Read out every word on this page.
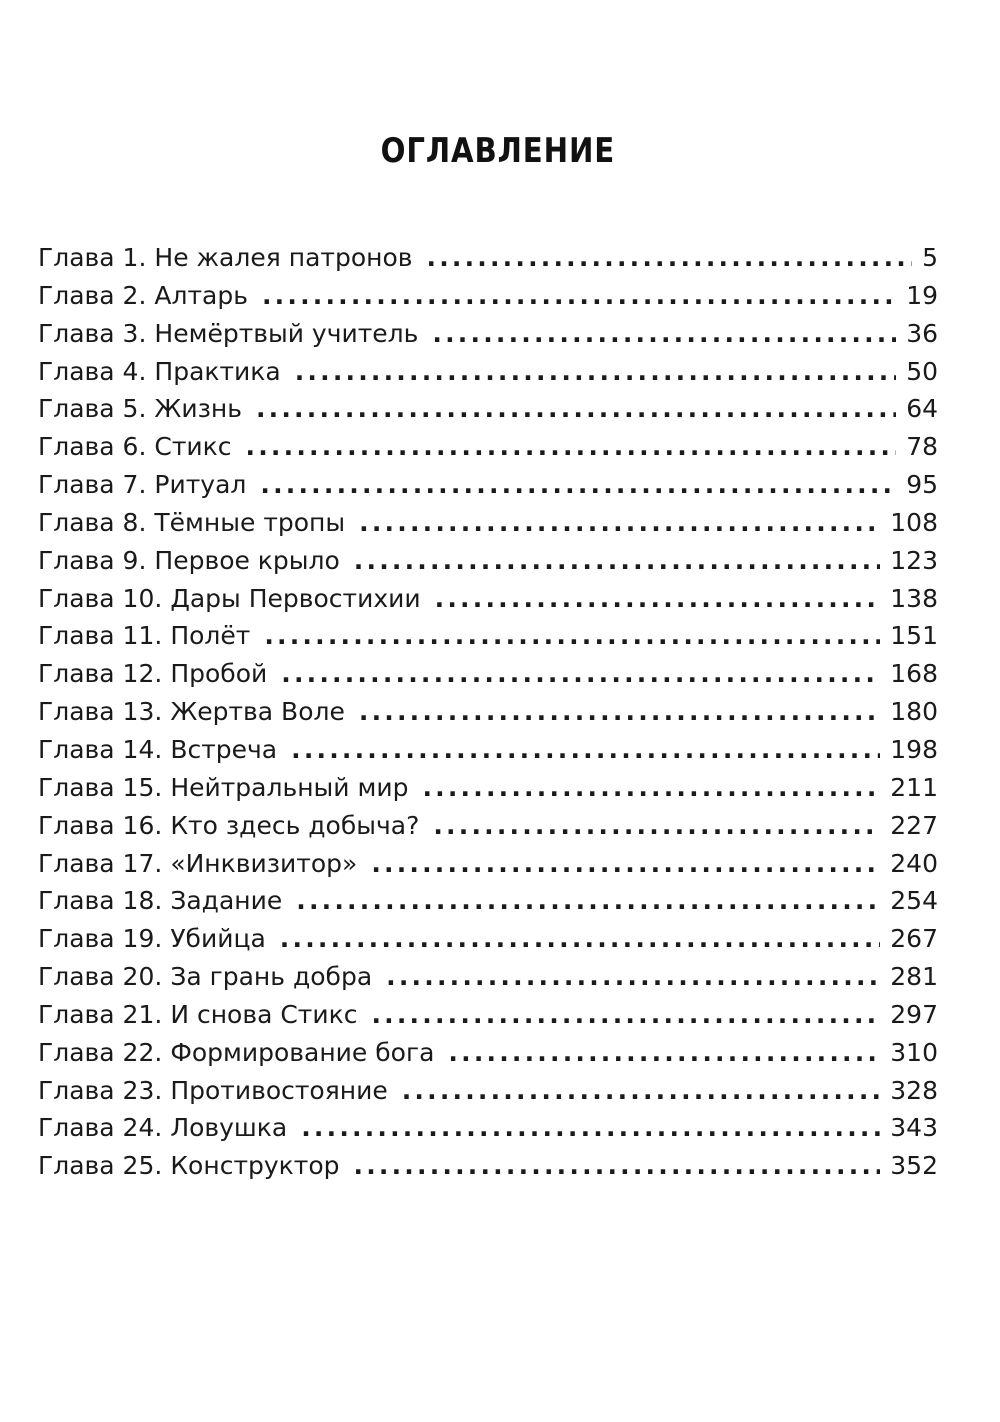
ОГЛАВЛЕНИЕ
Глава 1. Не жалея патронов .....	5
Глава 2. Алтарь .....	19
Глава 3. Немёртвый учитель .....	36
Глава 4. Практика .....	50
Глава 5. Жизнь .....	64
Глава 6. Стикс .....	78
Глава 7. Ритуал .....	95
Глава 8. Тёмные тропы .....	108
Глава 9. Первое крыло .....	123
Глава 10. Дары Первостихии .....	138
Глава 11. Полёт .....	151
Глава 12. Пробой .....	168
Глава 13. Жертва Воле .....	180
Глава 14. Встреча .....	198
Глава 15. Нейтральный мир .....	211
Глава 16. Кто здесь добыча? .....	227
Глава 17. «Инквизитор» .....	240
Глава 18. Задание .....	254
Глава 19. Убийца .....	267
Глава 20. За грань добра .....	281
Глава 21. И снова Стикс .....	297
Глава 22. Формирование бога .....	310
Глава 23. Противостояние .....	328
Глава 24. Ловушка .....	343
Глава 25. Конструктор .....	352
